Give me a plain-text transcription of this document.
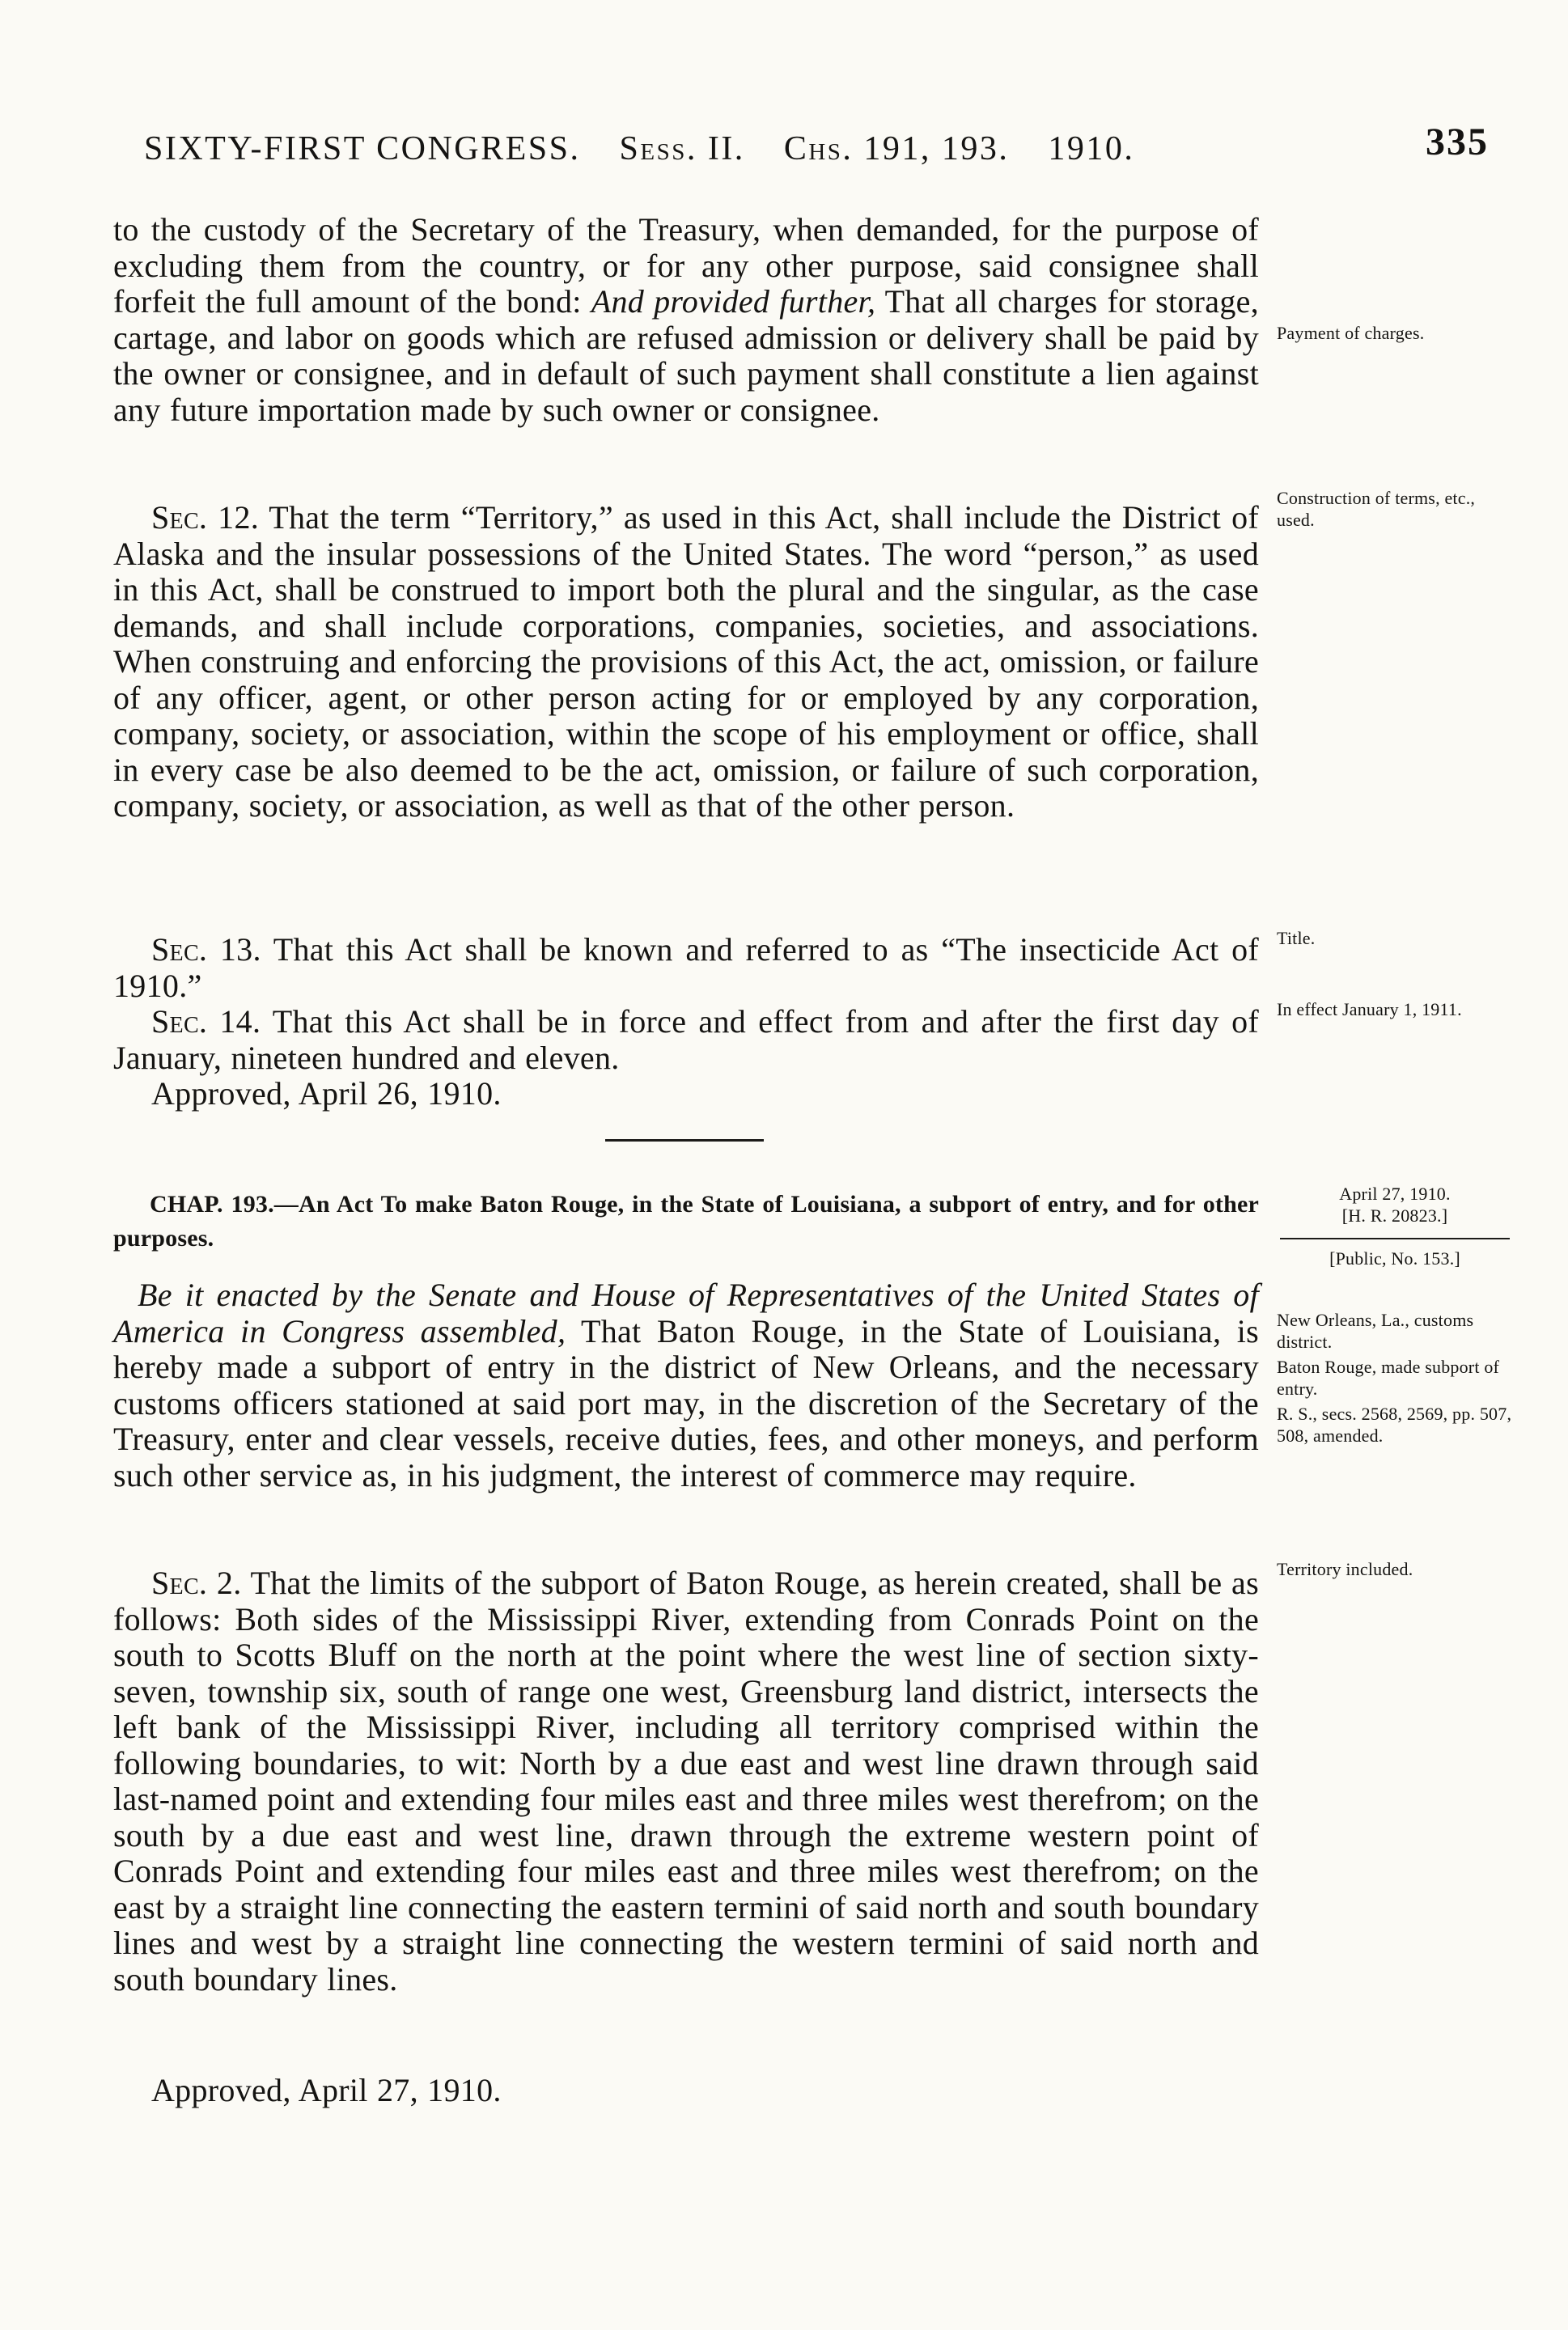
SIXTY-FIRST CONGRESS. Sess. II. Chs. 191, 193. 1910.	335

to the custody of the Secretary of the Treasury, when demanded, for the purpose of excluding them from the country, or for any other purpose, said consignee shall forfeit the full amount of the bond: And provided further, That all charges for storage, cartage, and labor on goods which are refused admission or delivery shall be paid by the owner or consignee, and in default of such payment shall constitute a lien against any future importation made by such owner or consignee.

Sec. 12. That the term “Territory,” as used in this Act, shall include the District of Alaska and the insular possessions of the United States. The word “person,” as used in this Act, shall be construed to import both the plural and the singular, as the case demands, and shall include corporations, companies, societies, and associations. When construing and enforcing the provisions of this Act, the act, omission, or failure of any officer, agent, or other person acting for or employed by any corporation, company, society, or association, within the scope of his employment or office, shall in every case be also deemed to be the act, omission, or failure of such corporation, company, society, or association, as well as that of the other person.

Sec. 13. That this Act shall be known and referred to as “The insecticide Act of 1910.”

Sec. 14. That this Act shall be in force and effect from and after the first day of January, nineteen hundred and eleven.

Approved, April 26, 1910.

CHAP. 193.—An Act To make Baton Rouge, in the State of Louisiana, a subport of entry, and for other purposes.

Be it enacted by the Senate and House of Representatives of the United States of America in Congress assembled, That Baton Rouge, in the State of Louisiana, is hereby made a subport of entry in the district of New Orleans, and the necessary customs officers stationed at said port may, in the discretion of the Secretary of the Treasury, enter and clear vessels, receive duties, fees, and other moneys, and perform such other service as, in his judgment, the interest of commerce may require.

Sec. 2. That the limits of the subport of Baton Rouge, as herein created, shall be as follows: Both sides of the Mississippi River, extending from Conrads Point on the south to Scotts Bluff on the north at the point where the west line of section sixty-seven, township six, south of range one west, Greensburg land district, intersects the left bank of the Mississippi River, including all territory comprised within the following boundaries, to wit: North by a due east and west line drawn through said last-named point and extending four miles east and three miles west therefrom; on the south by a due east and west line, drawn through the extreme western point of Conrads Point and extending four miles east and three miles west therefrom; on the east by a straight line connecting the eastern termini of said north and south boundary lines and west by a straight line connecting the western termini of said north and south boundary lines.

Approved, April 27, 1910.

Payment of charges.

Construction of terms, etc., used.

Title.

In effect January 1, 1911.

April 27, 1910.
[H. R. 20823.]
[Public, No. 153.]

New Orleans, La., customs district.

Baton Rouge, made subport of entry.

R. S., secs. 2568, 2569, pp. 507, 508, amended.

Territory included.
